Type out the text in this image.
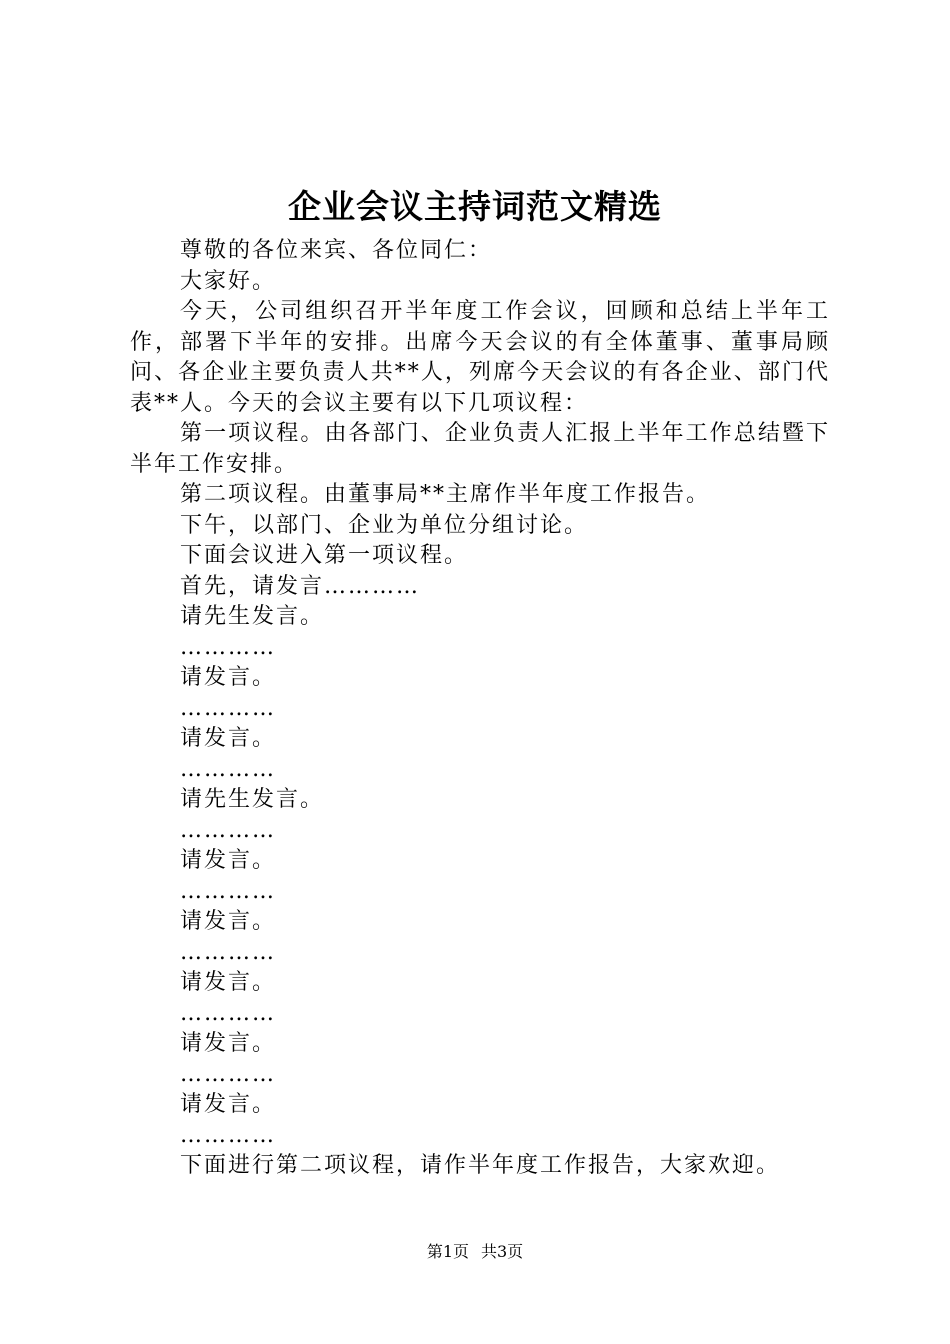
企业会议主持词范文精选

尊敬的各位来宾、各位同仁：

大家好。

今天，公司组织召开半年度工作会议，回顾和总结上半年工作，部署下半年的安排。出席今天会议的有全体董事、董事局顾问、各企业主要负责人共**人，列席今天会议的有各企业、部门代表**人。今天的会议主要有以下几项议程：

第一项议程。由各部门、企业负责人汇报上半年工作总结暨下半年工作安排。

第二项议程。由董事局**主席作半年度工作报告。

下午，以部门、企业为单位分组讨论。

下面会议进入第一项议程。

首先，请发言…………

请先生发言。

…………

请发言。

…………

请发言。

…………

请先生发言。

…………

请发言。

…………

请发言。

…………

请发言。

…………

请发言。

…………

请发言。

…………

下面进行第二项议程，请作半年度工作报告，大家欢迎。

第1页 共3页
